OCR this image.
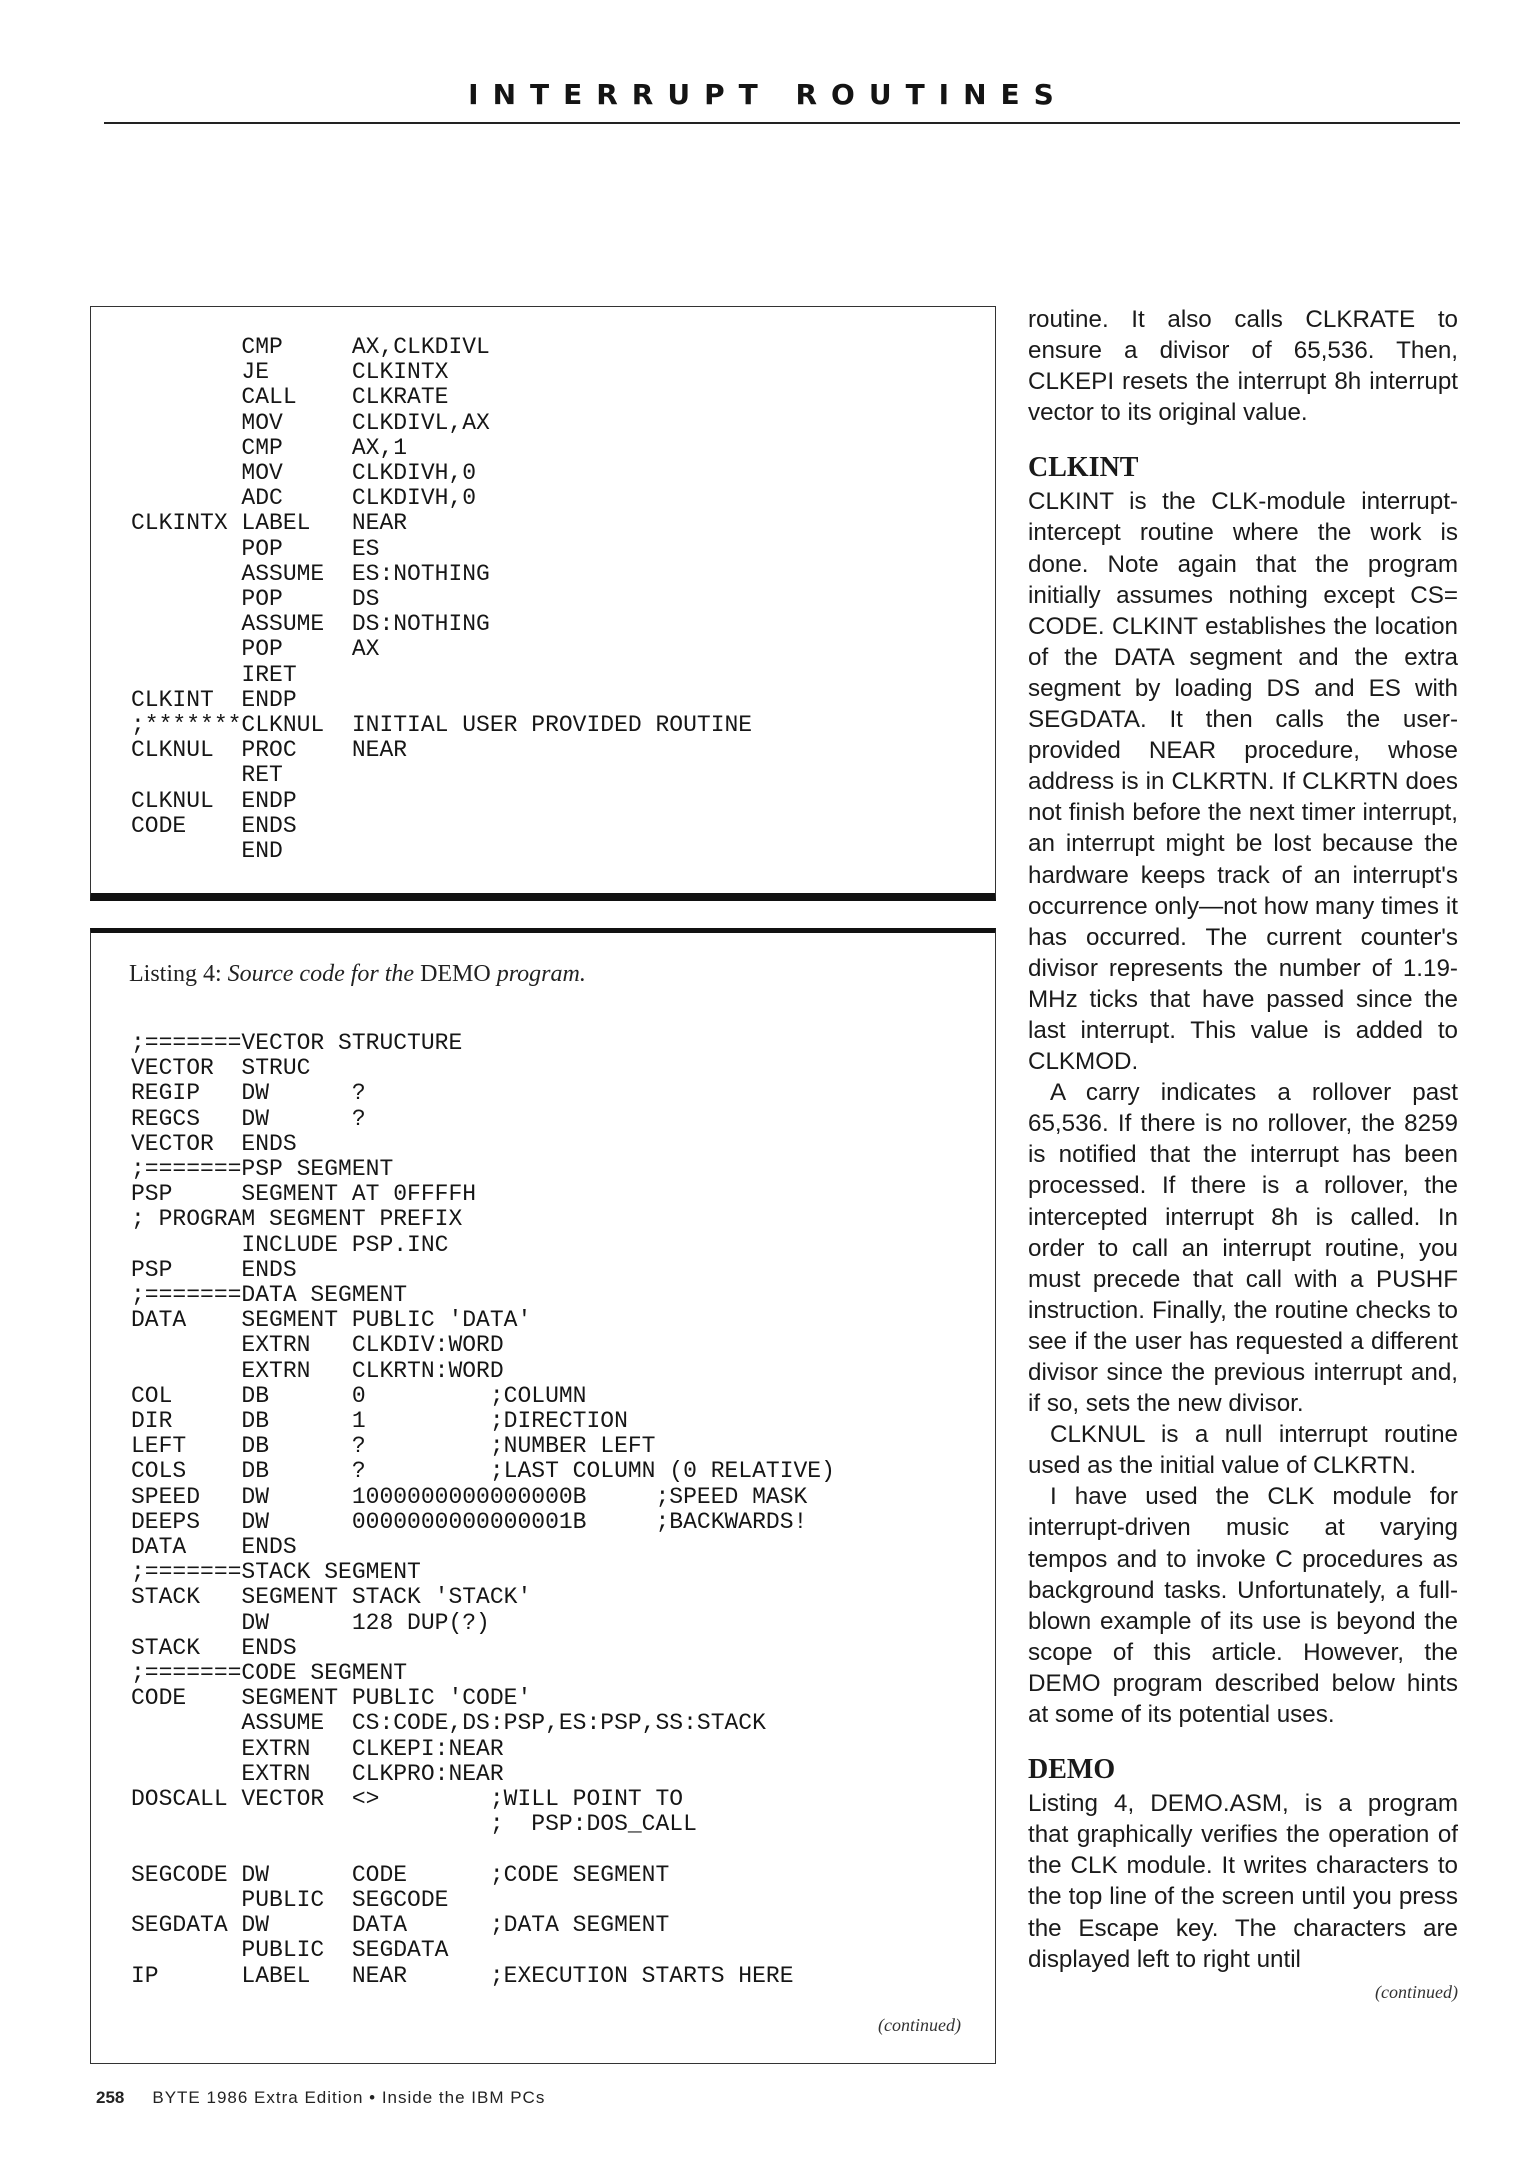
INTERRUPT ROUTINES
CMP     AX,CLKDIVL
JE      CLKINTX
CALL    CLKRATE
MOV     CLKDIVL,AX
CMP     AX,1
MOV     CLKDIVH,0
ADC     CLKDIVH,0
CLKINTX LABEL   NEAR
POP     ES
ASSUME  ES:NOTHING
POP     DS
ASSUME  DS:NOTHING
POP     AX
IRET
CLKINT  ENDP
;*******CLKNUL  INITIAL USER PROVIDED ROUTINE
CLKNUL  PROC    NEAR
RET
CLKNUL  ENDP
CODE    ENDS
END

Listing 4: Source code for the DEMO program.

;=======VECTOR STRUCTURE
VECTOR  STRUC
REGIP   DW      ?
REGCS   DW      ?
VECTOR  ENDS
;=======PSP SEGMENT
PSP     SEGMENT AT 0FFFFH
; PROGRAM SEGMENT PREFIX
INCLUDE PSP.INC
PSP     ENDS
;=======DATA SEGMENT
DATA    SEGMENT PUBLIC 'DATA'
EXTRN   CLKDIV:WORD
EXTRN   CLKRTN:WORD
COL     DB      0         ;COLUMN
DIR     DB      1         ;DIRECTION
LEFT    DB      ?         ;NUMBER LEFT
COLS    DB      ?         ;LAST COLUMN (0 RELATIVE)
SPEED   DW      1000000000000000B     ;SPEED MASK
DEEPS   DW      0000000000000001B     ;BACKWARDS!
DATA    ENDS
;=======STACK SEGMENT
STACK   SEGMENT STACK 'STACK'
DW      128 DUP(?)
STACK   ENDS
;=======CODE SEGMENT
CODE    SEGMENT PUBLIC 'CODE'
ASSUME  CS:CODE,DS:PSP,ES:PSP,SS:STACK
EXTRN   CLKEPI:NEAR
EXTRN   CLKPRO:NEAR
DOSCALL VECTOR  <>        ;WILL POINT TO
;  PSP:DOS_CALL

SEGCODE DW      CODE      ;CODE SEGMENT
PUBLIC  SEGCODE
SEGDATA DW      DATA      ;DATA SEGMENT
PUBLIC  SEGDATA
IP      LABEL   NEAR      ;EXECUTION STARTS HERE
(continued)

routine. It also calls CLKRATE to ensure a divisor of 65,536. Then, CLKEPI resets the interrupt 8h interrupt vector to its original value.

CLKINT

CLKINT is the CLK-module interrupt-intercept routine where the work is done. Note again that the program initially assumes nothing except CS= CODE. CLKINT establishes the location of the DATA segment and the extra segment by loading DS and ES with SEGDATA. It then calls the user-provided NEAR procedure, whose address is in CLKRTN. If CLKRTN does not finish before the next timer interrupt, an interrupt might be lost because the hardware keeps track of an interrupt's occurrence only—not how many times it has occurred. The current counter's divisor represents the number of 1.19-MHz ticks that have passed since the last interrupt. This value is added to CLKMOD.

A carry indicates a rollover past 65,536. If there is no rollover, the 8259 is notified that the interrupt has been processed. If there is a rollover, the intercepted interrupt 8h is called. In order to call an interrupt routine, you must precede that call with a PUSHF instruction. Finally, the routine checks to see if the user has requested a different divisor since the previous interrupt and, if so, sets the new divisor.

CLKNUL is a null interrupt routine used as the initial value of CLKRTN.

I have used the CLK module for interrupt-driven music at varying tempos and to invoke C procedures as background tasks. Unfortunately, a full-blown example of its use is beyond the scope of this article. However, the DEMO program described below hints at some of its potential uses.

DEMO

Listing 4, DEMO.ASM, is a program that graphically verifies the operation of the CLK module. It writes characters to the top line of the screen until you press the Escape key. The characters are displayed left to right until

(continued)
258 BYTE 1986 Extra Edition • Inside the IBM PCs
